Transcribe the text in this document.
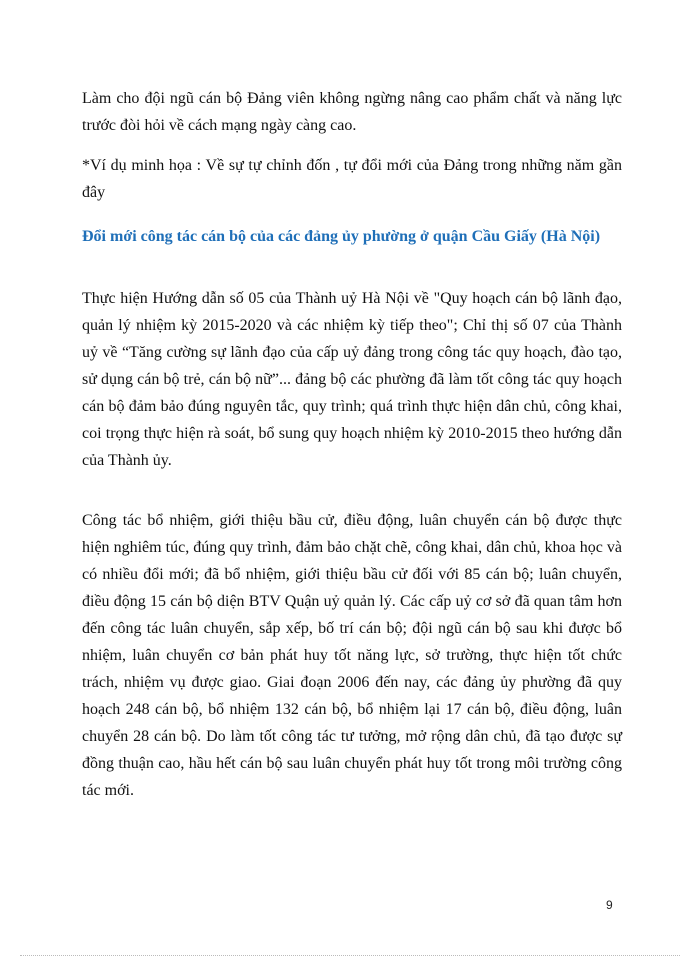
Làm cho đội ngũ cán bộ Đảng viên không ngừng nâng cao phẩm chất và năng lực trước đòi hỏi về cách mạng ngày càng cao.

*Ví dụ minh họa : Về sự tự chỉnh đốn , tự đổi mới của Đảng trong những năm gần đây

Đổi mới công tác cán bộ của các đảng ủy phường ở quận Cầu Giấy (Hà Nội)

Thực hiện Hướng dẫn số 05 của Thành uỷ Hà Nội về "Quy hoạch cán bộ lãnh đạo, quản lý nhiệm kỳ 2015-2020 và các nhiệm kỳ tiếp theo"; Chỉ thị số 07 của Thành uỷ về “Tăng cường sự lãnh đạo của cấp uỷ đảng trong công tác quy hoạch, đào tạo, sử dụng cán bộ trẻ, cán bộ nữ”... đảng bộ các phường đã làm tốt công tác quy hoạch cán bộ đảm bảo đúng nguyên tắc, quy trình; quá trình thực hiện dân chủ, công khai, coi trọng thực hiện rà soát, bổ sung quy hoạch nhiệm kỳ 2010-2015 theo hướng dẫn của Thành ủy.

Công tác bổ nhiệm, giới thiệu bầu cử, điều động, luân chuyển cán bộ được thực hiện nghiêm túc, đúng quy trình, đảm bảo chặt chẽ, công khai, dân chủ, khoa học và có nhiều đổi mới; đã bổ nhiệm, giới thiệu bầu cử đối với 85 cán bộ; luân chuyển, điều động 15 cán bộ diện BTV Quận uỷ quản lý. Các cấp uỷ cơ sở đã quan tâm hơn đến công tác luân chuyển, sắp xếp, bố trí cán bộ; đội ngũ cán bộ sau khi được bổ nhiệm, luân chuyển cơ bản phát huy tốt năng lực, sở trường, thực hiện tốt chức trách, nhiệm vụ được giao. Giai đoạn 2006 đến nay, các đảng ủy phường đã quy hoạch 248 cán bộ, bổ nhiệm 132 cán bộ, bổ nhiệm lại 17 cán bộ, điều động, luân chuyển 28 cán bộ. Do làm tốt công tác tư tưởng, mở rộng dân chủ, đã tạo được sự đồng thuận cao, hầu hết cán bộ sau luân chuyển phát huy tốt trong môi trường công tác mới.

9
